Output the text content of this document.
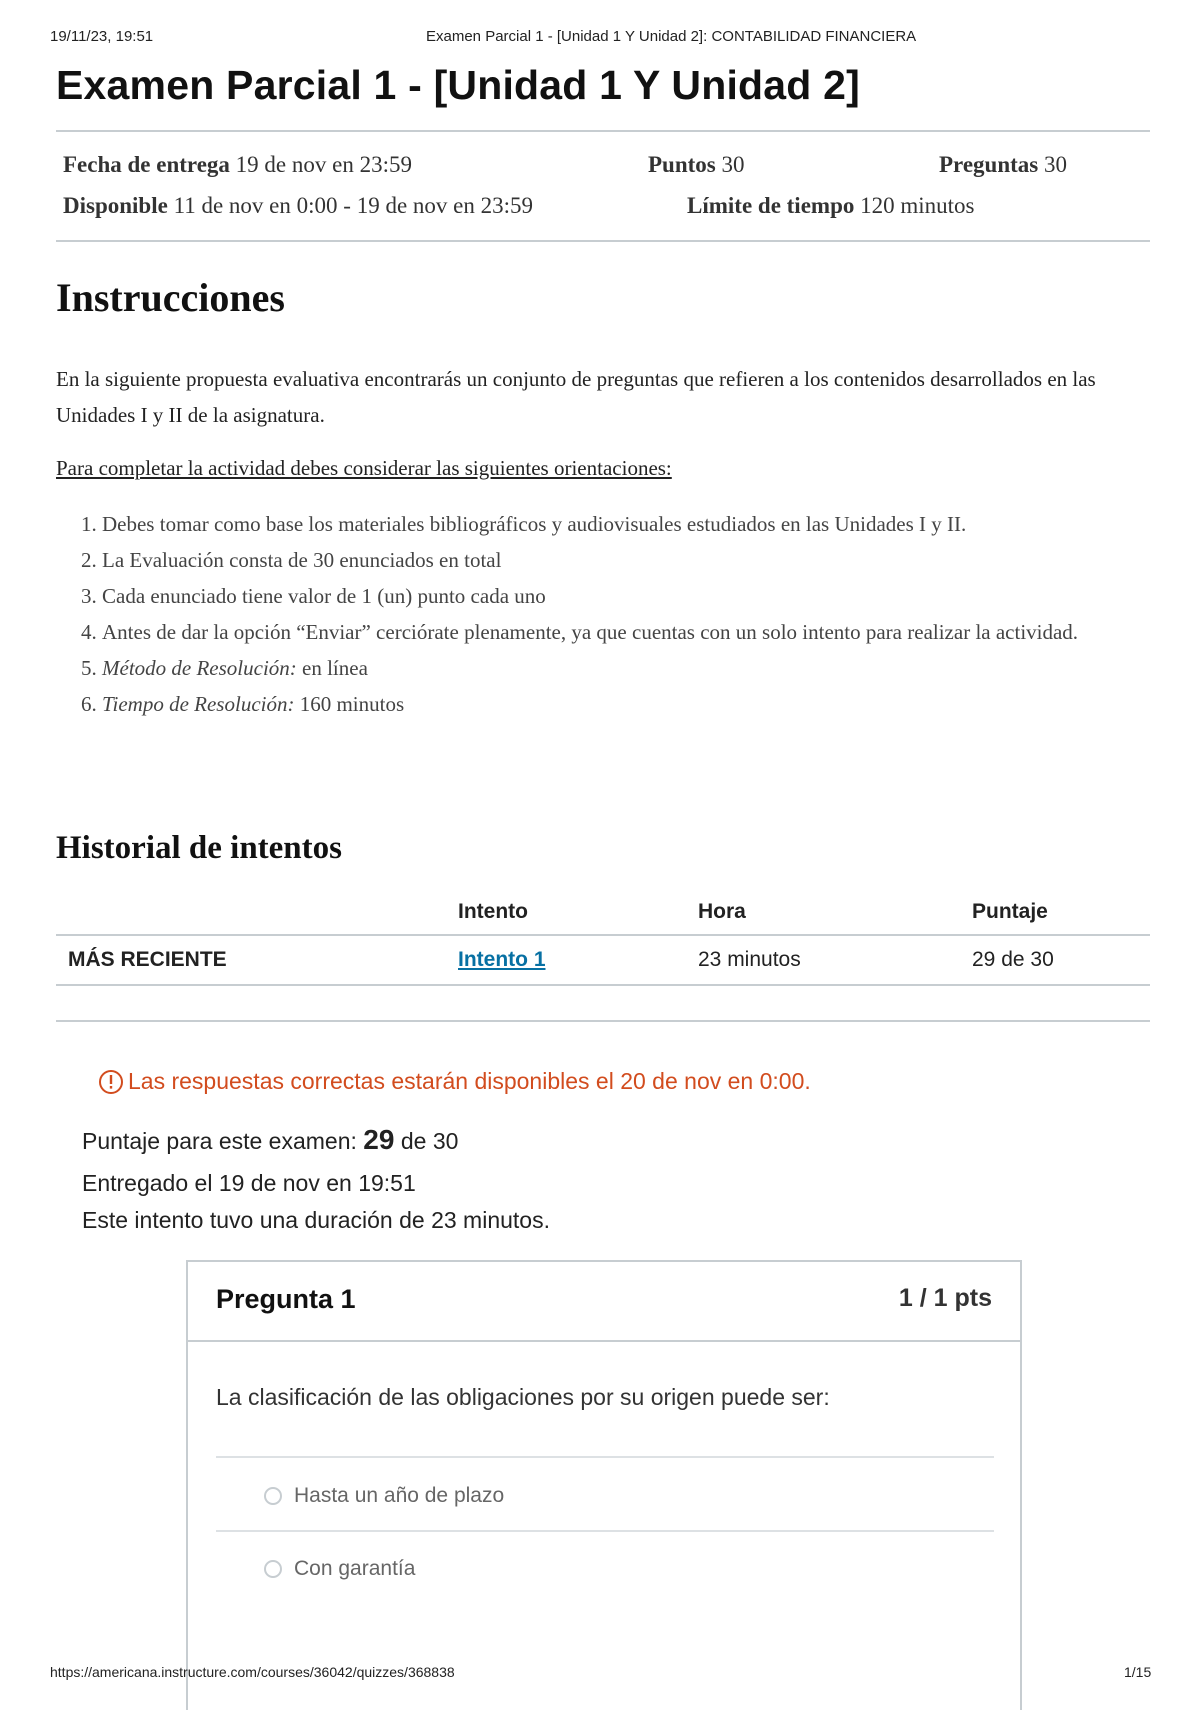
19/11/23, 19:51	Examen Parcial 1 - [Unidad 1 Y Unidad 2]: CONTABILIDAD FINANCIERA
Examen Parcial 1 - [Unidad 1 Y Unidad 2]
Fecha de entrega 19 de nov en 23:59	Puntos 30	Preguntas 30
Disponible 11 de nov en 0:00 - 19 de nov en 23:59	Límite de tiempo 120 minutos
Instrucciones
En la siguiente propuesta evaluativa encontrarás un conjunto de preguntas que refieren a los contenidos desarrollados en las Unidades I y II de la asignatura.
Para completar la actividad debes considerar las siguientes orientaciones:
1. Debes tomar como base los materiales bibliográficos y audiovisuales estudiados en las Unidades I y II.
2. La Evaluación consta de 30 enunciados en total
3. Cada enunciado tiene valor de 1 (un) punto cada uno
4. Antes de dar la opción “Enviar” cerciórate plenamente, ya que cuentas con un solo intento para realizar la actividad.
5. Método de Resolución: en línea
6. Tiempo de Resolución: 160 minutos
Historial de intentos
	Intento	Hora	Puntaje
MÁS RECIENTE	Intento 1	23 minutos	29 de 30
Las respuestas correctas estarán disponibles el 20 de nov en 0:00.
Puntaje para este examen: 29 de 30
Entregado el 19 de nov en 19:51
Este intento tuvo una duración de 23 minutos.
Pregunta 1	1 / 1 pts
La clasificación de las obligaciones por su origen puede ser:
Hasta un año de plazo
Con garantía
https://americana.instructure.com/courses/36042/quizzes/368838	1/15
